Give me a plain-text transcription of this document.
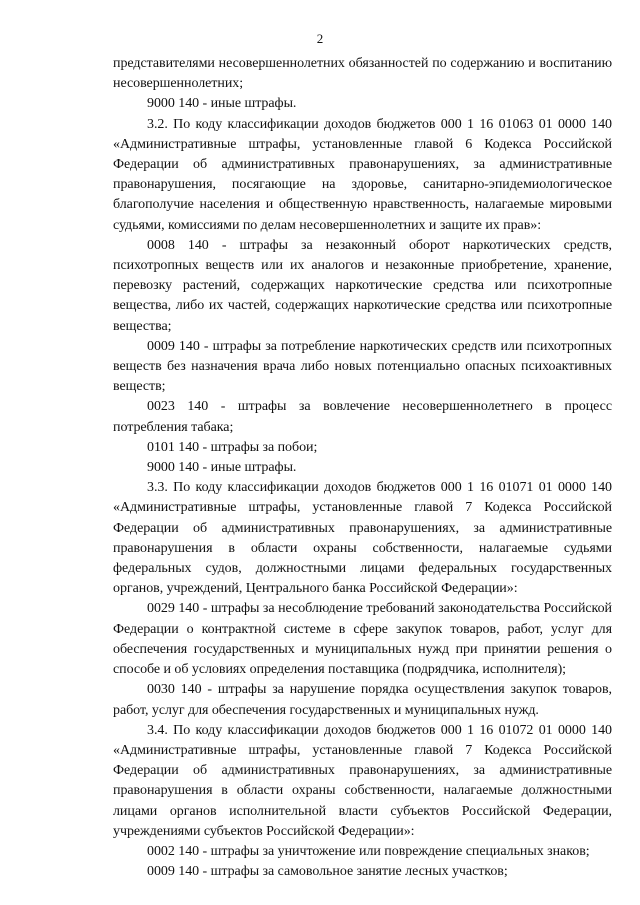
2

представителями несовершеннолетних обязанностей по содержанию и воспитанию несовершеннолетних;

9000 140 - иные штрафы.

3.2. По коду классификации доходов бюджетов 000 1 16 01063 01 0000 140 «Административные штрафы, установленные главой 6 Кодекса Российской Федерации об административных правонарушениях, за административные правонарушения, посягающие на здоровье, санитарно-эпидемиологическое благополучие населения и общественную нравственность, налагаемые мировыми судьями, комиссиями по делам несовершеннолетних и защите их прав»:

0008 140 - штрафы за незаконный оборот наркотических средств, психотропных веществ или их аналогов и незаконные приобретение, хранение, перевозку растений, содержащих наркотические средства или психотропные вещества, либо их частей, содержащих наркотические средства или психотропные вещества;

0009 140 - штрафы за потребление наркотических средств или психотропных веществ без назначения врача либо новых потенциально опасных психоактивных веществ;

0023 140 - штрафы за вовлечение несовершеннолетнего в процесс потребления табака;

0101 140 - штрафы за побои;

9000 140 - иные штрафы.

3.3. По коду классификации доходов бюджетов 000 1 16 01071 01 0000 140 «Административные штрафы, установленные главой 7 Кодекса Российской Федерации об административных правонарушениях, за административные правонарушения в области охраны собственности, налагаемые судьями федеральных судов, должностными лицами федеральных государственных органов, учреждений, Центрального банка Российской Федерации»:

0029 140 - штрафы за несоблюдение требований законодательства Российской Федерации о контрактной системе в сфере закупок товаров, работ, услуг для обеспечения государственных и муниципальных нужд при принятии решения о способе и об условиях определения поставщика (подрядчика, исполнителя);

0030 140 - штрафы за нарушение порядка осуществления закупок товаров, работ, услуг для обеспечения государственных и муниципальных нужд.

3.4. По коду классификации доходов бюджетов 000 1 16 01072 01 0000 140 «Административные штрафы, установленные главой 7 Кодекса Российской Федерации об административных правонарушениях, за административные правонарушения в области охраны собственности, налагаемые должностными лицами органов исполнительной власти субъектов Российской Федерации, учреждениями субъектов Российской Федерации»:

0002 140 - штрафы за уничтожение или повреждение специальных знаков;

0009 140 - штрафы за самовольное занятие лесных участков;
